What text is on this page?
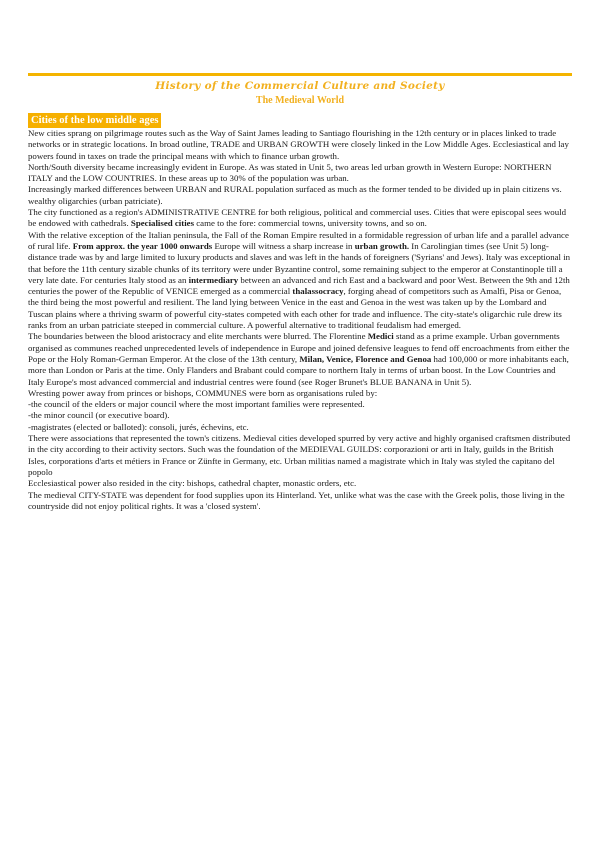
History of the Commercial Culture and Society
The Medieval World
Cities of the low middle ages

New cities sprang on pilgrimage routes such as the Way of Saint James leading to Santiago flourishing in the 12th century or in places linked to trade networks or in strategic locations. In broad outline, TRADE and URBAN GROWTH were closely linked in the Low Middle Ages. Ecclesiastical and lay powers found in taxes on trade the principal means with which to finance urban growth.

North/South diversity became increasingly evident in Europe. As was stated in Unit 5, two areas led urban growth in Western Europe: NORTHERN ITALY and the LOW COUNTRIES. In these areas up to 30% of the population was urban.

Increasingly marked differences between URBAN and RURAL population surfaced as much as the former tended to be divided up in plain citizens vs. wealthy oligarchies (urban patriciate).

The city functioned as a region's ADMINISTRATIVE CENTRE for both religious, political and commercial uses. Cities that were episcopal sees would be endowed with cathedrals. Specialised cities came to the fore: commercial towns, university towns, and so on.

With the relative exception of the Italian peninsula, the Fall of the Roman Empire resulted in a formidable regression of urban life and a parallel advance of rural life. From approx. the year 1000 onwards Europe will witness a sharp increase in urban growth. In Carolingian times (see Unit 5) long-distance trade was by and large limited to luxury products and slaves and was left in the hands of foreigners ('Syrians' and Jews). Italy was exceptional in that before the 11th century sizable chunks of its territory were under Byzantine control, some remaining subject to the emperor at Constantinople till a very late date. For centuries Italy stood as an intermediary between an advanced and rich East and a backward and poor West. Between the 9th and 12th centuries the power of the Republic of VENICE emerged as a commercial thalassocracy, forging ahead of competitors such as Amalfi, Pisa or Genoa, the third being the most powerful and resilient. The land lying between Venice in the east and Genoa in the west was taken up by the Lombard and Tuscan plains where a thriving swarm of powerful city-states competed with each other for trade and influence. The city-state's oligarchic rule drew its ranks from an urban patriciate steeped in commercial culture. A powerful alternative to traditional feudalism had emerged.

The boundaries between the blood aristocracy and elite merchants were blurred. The Florentine Medici stand as a prime example. Urban governments organised as communes reached unprecedented levels of independence in Europe and joined defensive leagues to fend off encroachments from either the Pope or the Holy Roman-German Emperor. At the close of the 13th century, Milan, Venice, Florence and Genoa had 100,000 or more inhabitants each, more than London or Paris at the time. Only Flanders and Brabant could compare to northern Italy in terms of urban boost. In the Low Countries and Italy Europe's most advanced commercial and industrial centres were found (see Roger Brunet's BLUE BANANA in Unit 5).

Wresting power away from princes or bishops, COMMUNES were born as organisations ruled by:

-the council of the elders or major council where the most important families were represented.

-the minor council (or executive board).

-magistrates (elected or balloted): consoli, jurés, échevins, etc.

There were associations that represented the town's citizens. Medieval cities developed spurred by very active and highly organised craftsmen distributed in the city according to their activity sectors. Such was the foundation of the MEDIEVAL GUILDS: corporazioni or arti in Italy, guilds in the British Isles, corporations d'arts et métiers in France or Zünfte in Germany, etc. Urban militias named a magistrate which in Italy was styled the capitano del popolo

Ecclesiastical power also resided in the city: bishops, cathedral chapter, monastic orders, etc.

The medieval CITY-STATE was dependent for food supplies upon its Hinterland. Yet, unlike what was the case with the Greek polis, those living in the countryside did not enjoy political rights. It was a 'closed system'.
